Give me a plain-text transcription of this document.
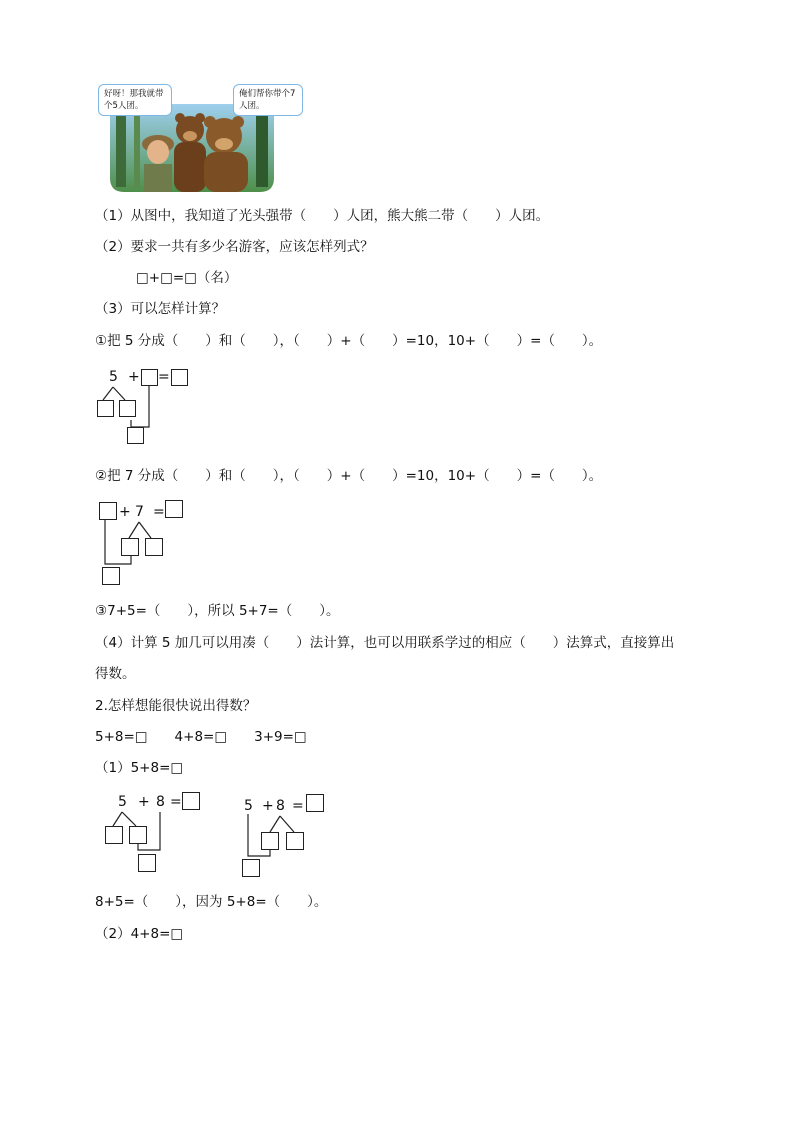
好呀！那我就带
个5人团。
俺们帮你带个7
人团。
（1）从图中，我知道了光头强带（　　）人团，熊大熊二带（　　）人团。
（2）要求一共有多少名游客，应该怎样列式？
□+□=□（名）
（3）可以怎样计算？
①把 5 分成（　　）和（　　），（　　）+（　　）=10，10+（　　）=（　　）。
5 + =
②把 7 分成（　　）和（　　），（　　）+（　　）=10，10+（　　）=（　　）。
+ 7 =
③7+5=（　　），所以 5+7=（　　）。
（4）计算 5 加几可以用凑（　　）法计算，也可以用联系学过的相应（　　）法算式，直接算出
得数。
2.怎样想能很快说出得数？
5+8=□　　4+8=□　　3+9=□
（1）5+8=□
5 + 8 =	5 + 8 =
8+5=（　　），因为 5+8=（　　）。
（2）4+8=□
